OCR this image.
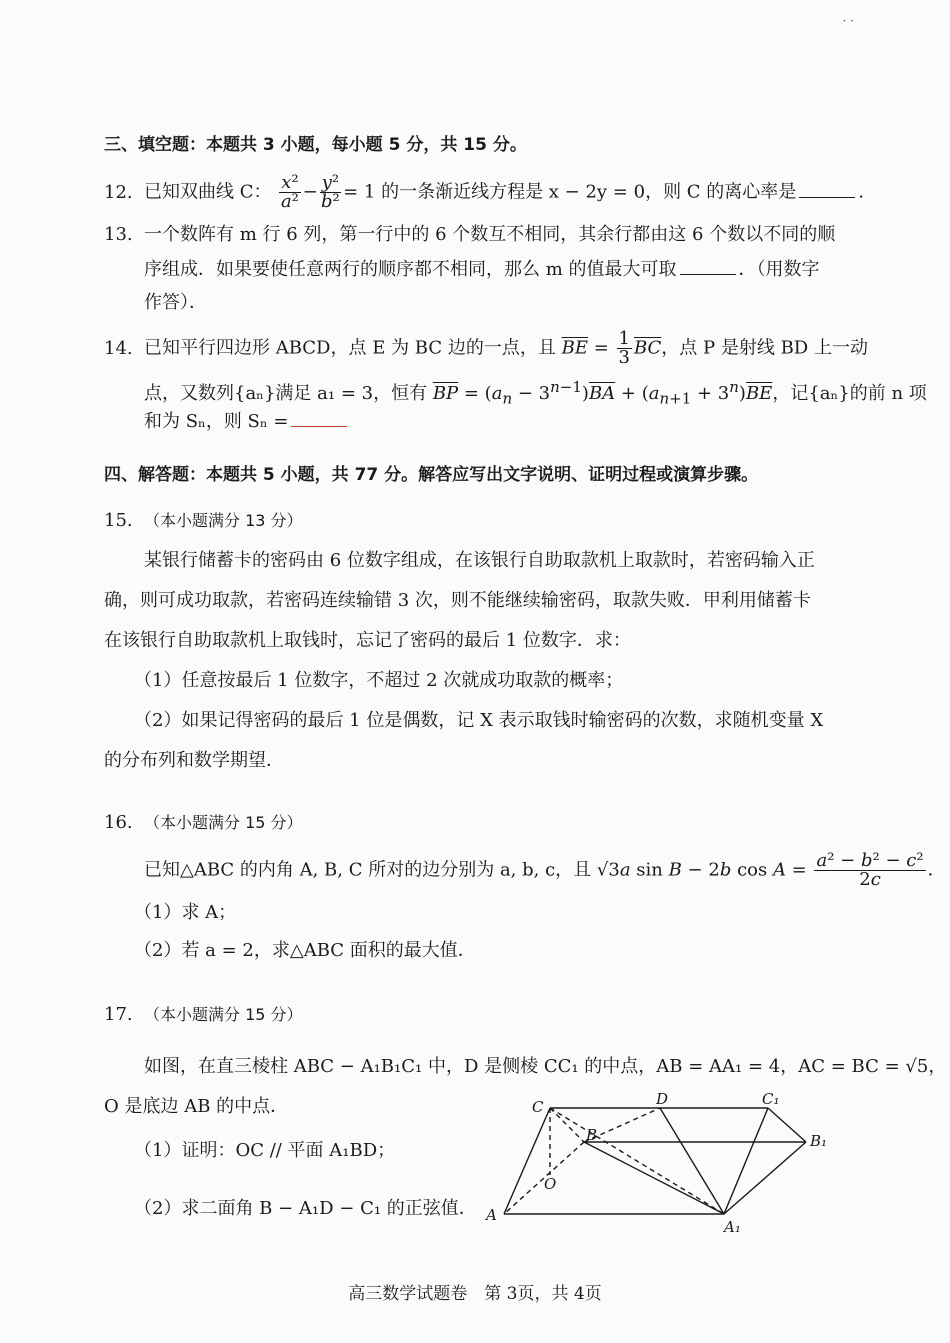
· ·
三、填空题：本题共 3 小题，每小题 5 分，共 15 分。
12. 已知双曲线 C： $\frac{\text{x²}}{\text{a²}} - \frac{\text{y²}}{\text{b²}} = 1$ 的一条渐近线方程是 x − 2y = 0，则 C 的离心率是	.
13. 一个数阵有 m 行 6 列，第一行中的 6 个数互不相同，其余行都由这 6 个数以不同的顺
序组成．如果要使任意两行的顺序都不相同，那么 m 的值最大可取	．（用数字
作答）．
14. 已知平行四边形 ABCD，点 E 为 BC 边的一点，且 $\overline{BE} = \frac{1}{3} \overline{BC}$，点 P 是射线 BD 上一动
点，又数列{aₙ}满足 a₁ = 3，恒有 $\overline{BP} = (a_n - 3^{n-1})\overline{BA} + (a_{n+1} + 3^n)\overline{BE}$，记{aₙ}的前 n 项
和为 Sₙ，则 Sₙ =
四、解答题：本题共 5 小题，共 77 分。解答应写出文字说明、证明过程或演算步骤。
15. （本小题满分 13 分）
某银行储蓄卡的密码由 6 位数字组成，在该银行自助取款机上取款时，若密码输入正
确，则可成功取款，若密码连续输错 3 次，则不能继续输密码，取款失败．甲利用储蓄卡
在该银行自助取款机上取钱时，忘记了密码的最后 1 位数字．求：
（1）任意按最后 1 位数字，不超过 2 次就成功取款的概率；
（2）如果记得密码的最后 1 位是偶数，记 X 表示取钱时输密码的次数，求随机变量 X
的分布列和数学期望．
16. （本小题满分 15 分）
已知△ABC 的内角 A, B, C 所对的边分别为 a, b, c，且 √3a sin B − 2b $\cos A = \frac{\text{a² − b² − c²}}{2c}$ ．
（1）求 A；
（2）若 a = 2，求△ABC 面积的最大值．
17. （本小题满分 15 分）
如图，在直三棱柱 ABC − A₁B₁C₁ 中，D 是侧棱 CC₁ 的中点，AB = AA₁ = 4，AC = BC = √5，
O 是底边 AB 的中点．
（1）证明：OC // 平面 A₁BD；
（2）求二面角 B − A₁D − C₁ 的正弦值．
C	D	C₁
B	B₁
O
A
A₁
高三数学试题卷　第 3页，共 4页
